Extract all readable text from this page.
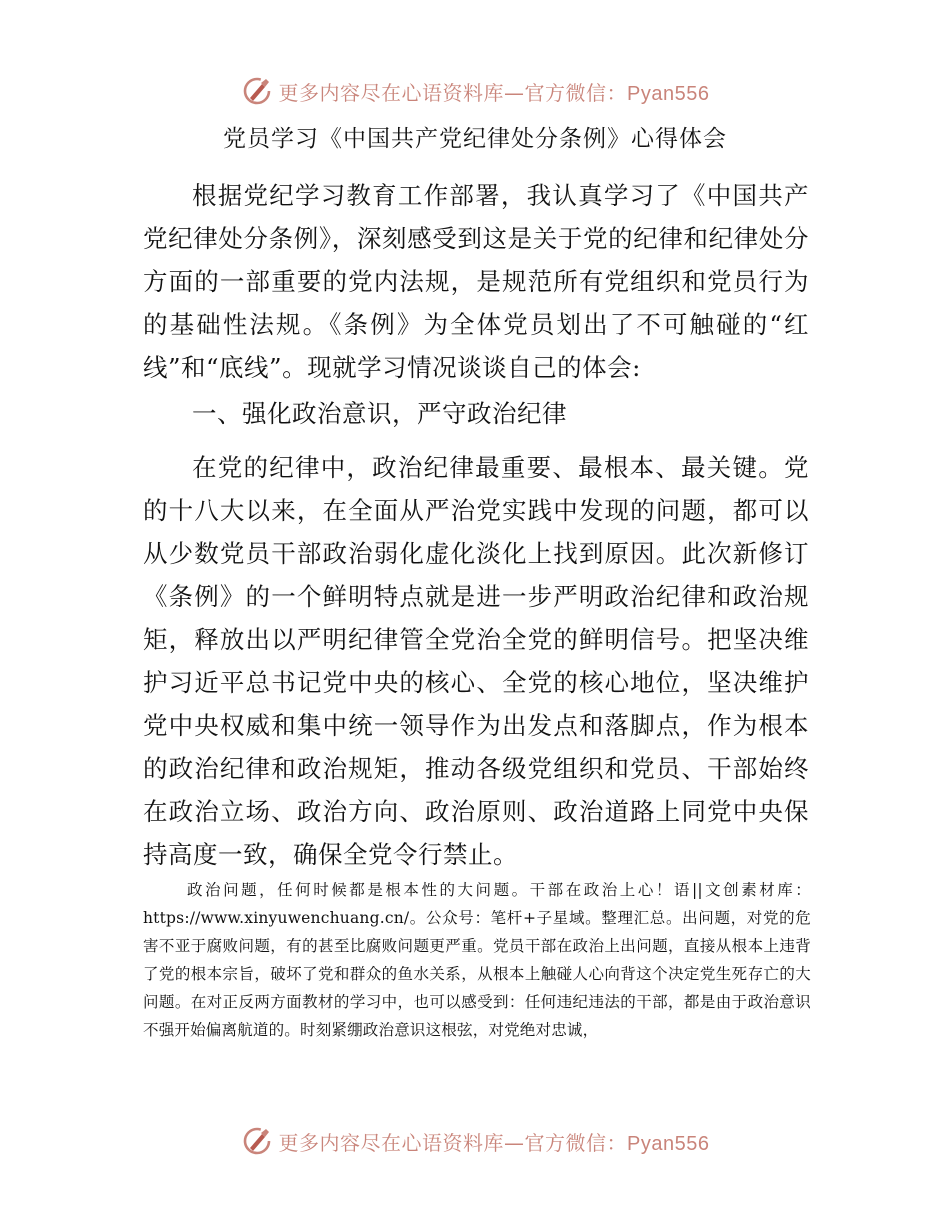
更多内容尽在心语资料库—官方微信：Pyan556
党员学习《中国共产党纪律处分条例》心得体会

根据党纪学习教育工作部署，我认真学习了《中国共产党纪律处分条例》，深刻感受到这是关于党的纪律和纪律处分方面的一部重要的党内法规，是规范所有党组织和党员行为的基础性法规。《条例》为全体党员划出了不可触碰的“红线”和“底线”。现就学习情况谈谈自己的体会:

一、强化政治意识，严守政治纪律

在党的纪律中，政治纪律最重要、最根本、最关键。党的十八大以来，在全面从严治党实践中发现的问题，都可以从少数党员干部政治弱化虚化淡化上找到原因。此次新修订《条例》的一个鲜明特点就是进一步严明政治纪律和政治规矩，释放出以严明纪律管全党治全党的鲜明信号。把坚决维护习近平总书记党中央的核心、全党的核心地位，坚决维护党中央权威和集中统一领导作为出发点和落脚点，作为根本的政治纪律和政治规矩，推动各级党组织和党员、干部始终在政治立场、政治方向、政治原则、政治道路上同党中央保持高度一致，确保全党令行禁止。

政治问题，任何时候都是根本性的大问题。干部在政治上心！语||文创素材库：https://www.xinyuwenchuang.cn/。公众号：笔杆+子星域。整理汇总。出问题，对党的危害不亚于腐败问题，有的甚至比腐败问题更严重。党员干部在政治上出问题，直接从根本上违背了党的根本宗旨，破坏了党和群众的鱼水关系，从根本上触碰人心向背这个决定党生死存亡的大问题。在对正反两方面教材的学习中，也可以感受到：任何违纪违法的干部，都是由于政治意识不强开始偏离航道的。时刻紧绷政治意识这根弦，对党绝对忠诚，

更多内容尽在心语资料库—官方微信：Pyan556
